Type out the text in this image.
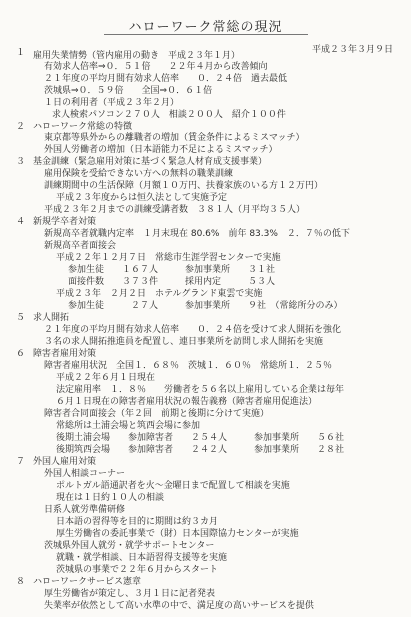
ハローワーク常総の現況
平成２３年３月９日
１ 雇用失業情勢（管内雇用の動き　平成２３年１月）
有効求人倍率⇒０．５１倍　　２２年４月から改善傾向
２１年度の平均月間有効求人倍率　　０．２４倍　過去最低
茨城県⇒０．５９倍　　全国⇒０．６１倍
１日の利用者（平成２３年２月）
求人検索パソコン２７０人　相談２００人　紹介１００件
２ ハローワーク常総の特徴
東京都等県外からの離職者の増加（賃金条件によるミスマッチ）
外国人労働者の増加（日本語能力不足によるミスマッチ）
３ 基金訓練（緊急雇用対策に基づく緊急人材育成支援事業）
雇用保険を受給できない方への無料の職業訓練
訓練期間中の生活保障（月額１０万円、扶養家族のいる方１２万円）
平成２３年度からは恒久法として実施予定
平成２３年２月までの訓練受講者数　３８１人（月平均３５人）
４ 新規学卒者対策
新規高卒者就職内定率　１月末現在 80.6%　前年 83.3%　２．７％の低下
新規高卒者面接会
平成２２年１２月７日　常総市生涯学習センターで実施
参加生徒　　１６７人　　　参加事業所　　３１社
面接件数　　３７３件　　　採用内定　　　５３人
平成２３年　２月２日　ホテルグランド東雲で実施
参加生徒　　　２７人　　　参加事業所　　９社　（常総所分のみ）
５ 求人開拓
２１年度の平均月間有効求人倍率　　０．２４倍を受けて求人開拓を強化
３名の求人開拓推進員を配置し、連日事業所を訪問し求人開拓を実施
６ 障害者雇用対策
障害者雇用状況　全国１．６８％　茨城１．６０％　常総所１．２５％
平成２２年６月１日現在
法定雇用率　１．８％　　労働者を５６名以上雇用している企業は毎年
６月１日現在の障害者雇用状況の報告義務（障害者雇用促進法）
障害者合同面接会（年２回　前期と後期に分けて実施）
常総所は土浦会場と筑西会場に参加
後期土浦会場　　参加障害者　　２５４人　　　参加事業所　　５６社
後期筑西会場　　参加障害者　　２４２人　　　参加事業所　　２８社
７ 外国人雇用対策
外国人相談コーナー
ポルトガル語通訳者を火～金曜日まで配置して相談を実施
現在は１日約１０人の相談
日系人就労準備研修
日本語の習得等を目的に期間は約３カ月
厚生労働省の委託事業で（財）日本国際協力センターが実施
茨城県外国人就労・就学サポートセンター
就職・就学相談、日本語習得支援等を実施
茨城県の事業で２２年６月からスタート
８ ハローワークサービス憲章
厚生労働省が策定し、３月１日に記者発表
失業率が依然として高い水準の中で、満足度の高いサービスを提供
